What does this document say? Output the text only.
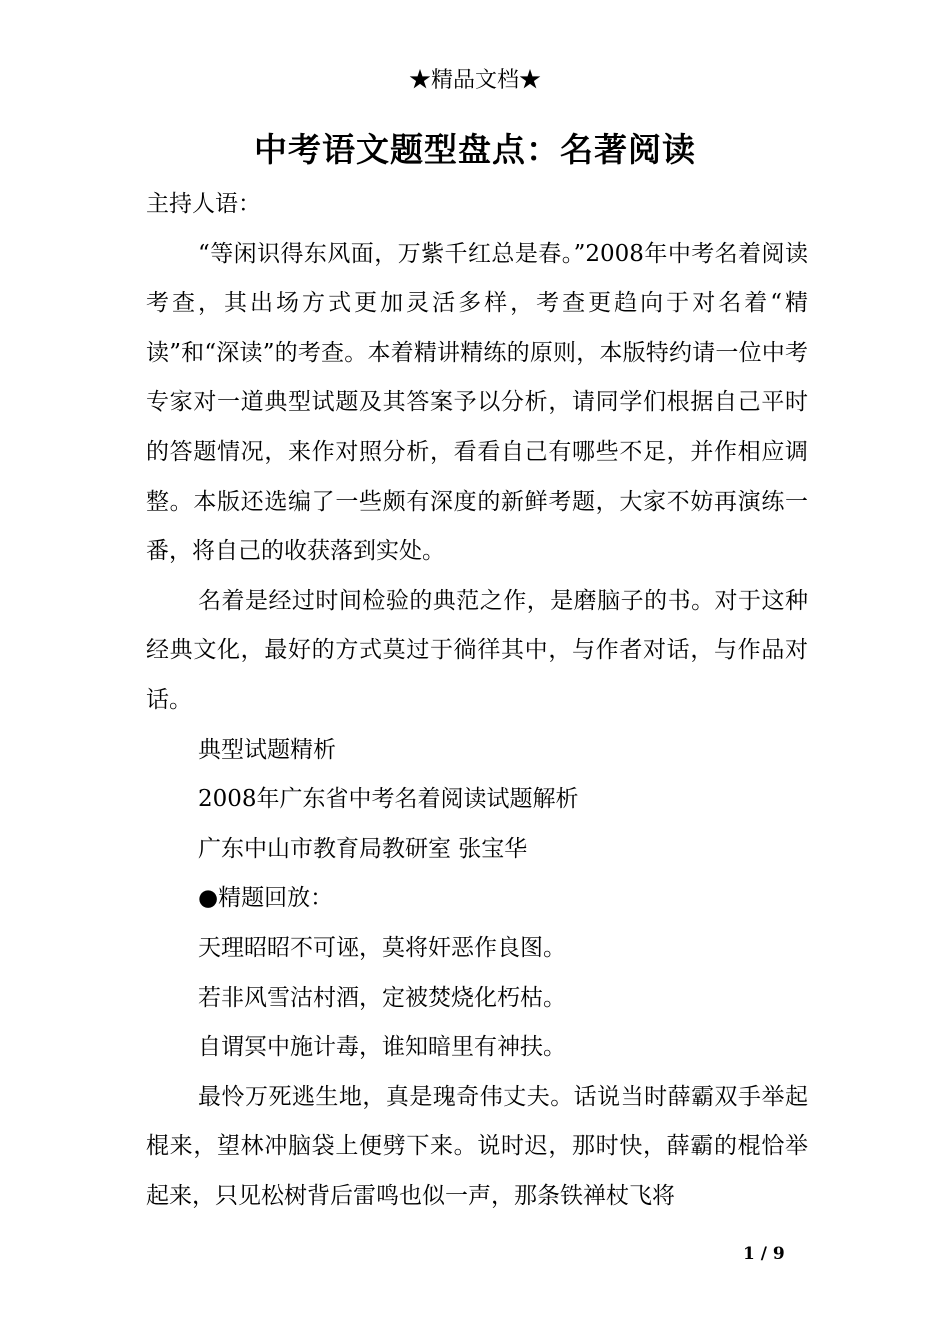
★精品文档★
中考语文题型盘点：名著阅读

主持人语：

“等闲识得东风面，万紫千红总是春。”2008年中考名着阅读考查，其出场方式更加灵活多样，考查更趋向于对名着“精读”和“深读”的考查。本着精讲精练的原则，本版特约请一位中考专家对一道典型试题及其答案予以分析，请同学们根据自己平时的答题情况，来作对照分析，看看自己有哪些不足，并作相应调整。本版还选编了一些颇有深度的新鲜考题，大家不妨再演练一番，将自己的收获落到实处。

名着是经过时间检验的典范之作，是磨脑子的书。对于这种经典文化，最好的方式莫过于徜徉其中，与作者对话，与作品对话。

典型试题精析

2008年广东省中考名着阅读试题解析

广东中山市教育局教研室 张宝华

●精题回放：

天理昭昭不可诬，莫将奸恶作良图。

若非风雪沽村酒，定被焚烧化朽枯。

自谓冥中施计毒，谁知暗里有神扶。

最怜万死逃生地，真是瑰奇伟丈夫。话说当时薛霸双手举起棍来，望林冲脑袋上便劈下来。说时迟，那时快，薛霸的棍恰举起来，只见松树背后雷鸣也似一声，那条铁禅杖飞将

1 / 9
